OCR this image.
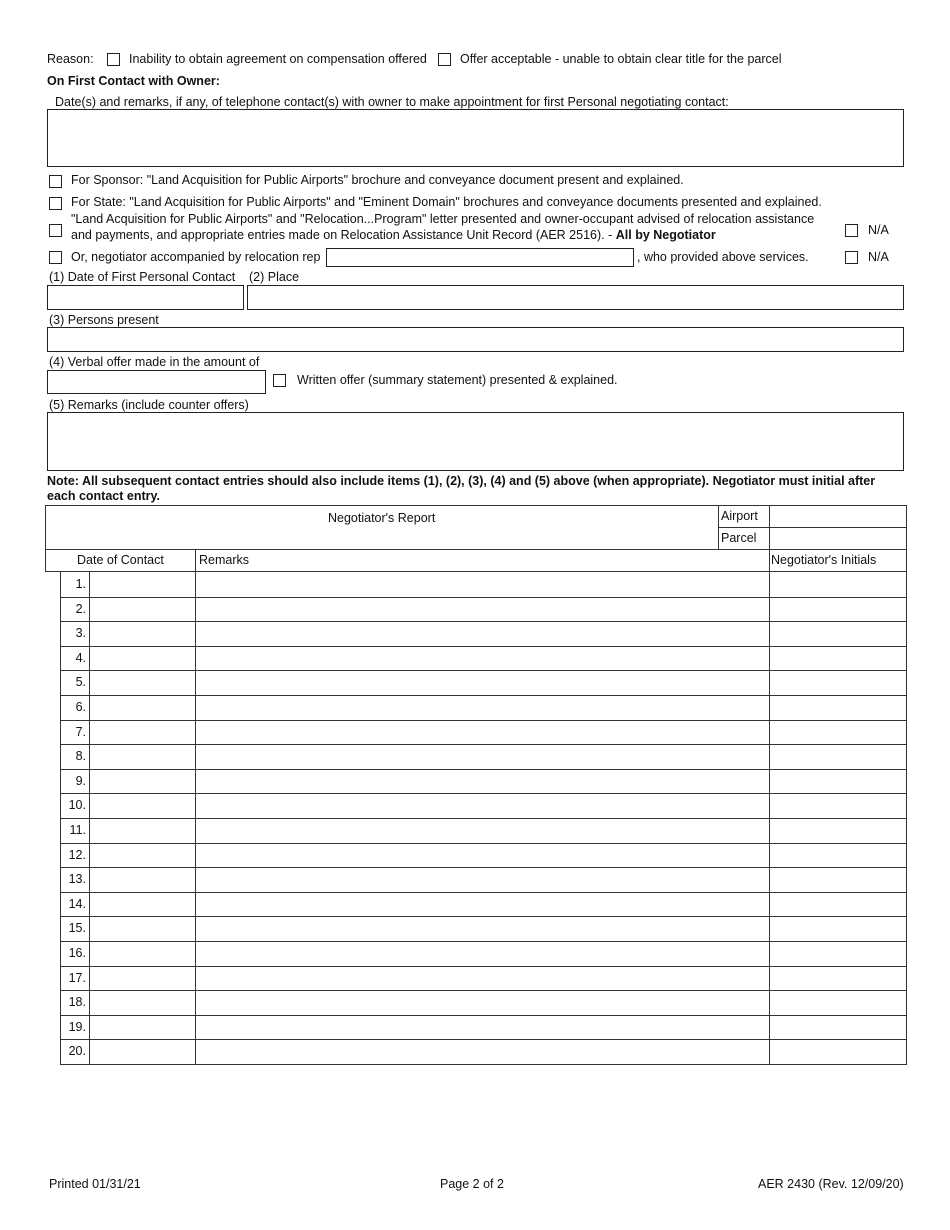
Reason:	Inability to obtain agreement on compensation offered	Offer acceptable - unable to obtain clear title for the parcel
On First Contact with Owner:
Date(s) and remarks, if any, of telephone contact(s) with owner to make appointment for first Personal negotiating contact:
For Sponsor: "Land Acquisition for Public Airports" brochure and conveyance document present and explained.
For State: "Land Acquisition for Public Airports" and "Eminent Domain" brochures and conveyance documents presented and explained.
"Land Acquisition for Public Airports" and "Relocation...Program" letter presented and owner-occupant advised of relocation assistance
and payments, and appropriate entries made on Relocation Assistance Unit Record (AER 2516). - All by Negotiator	N/A
Or, negotiator accompanied by relocation rep	, who provided above services.	N/A
(1) Date of First Personal Contact (2) Place
(3) Persons present
(4) Verbal offer made in the amount of
Written offer (summary statement) presented & explained.
(5) Remarks (include counter offers)
Note: All subsequent contact entries should also include items (1), (2), (3), (4) and (5) above (when appropriate). Negotiator must initial after
each contact entry.
Negotiator's Report	Airport
Parcel
Date of Contact	Remarks	Negotiator's Initials
1.
2.
3.
4.
5.
6.
7.
8.
9.
10.
11.
12.
13.
14.
15.
16.
17.
18.
19.
20.
Printed 01/31/21	Page 2 of 2	AER 2430 (Rev. 12/09/20)
